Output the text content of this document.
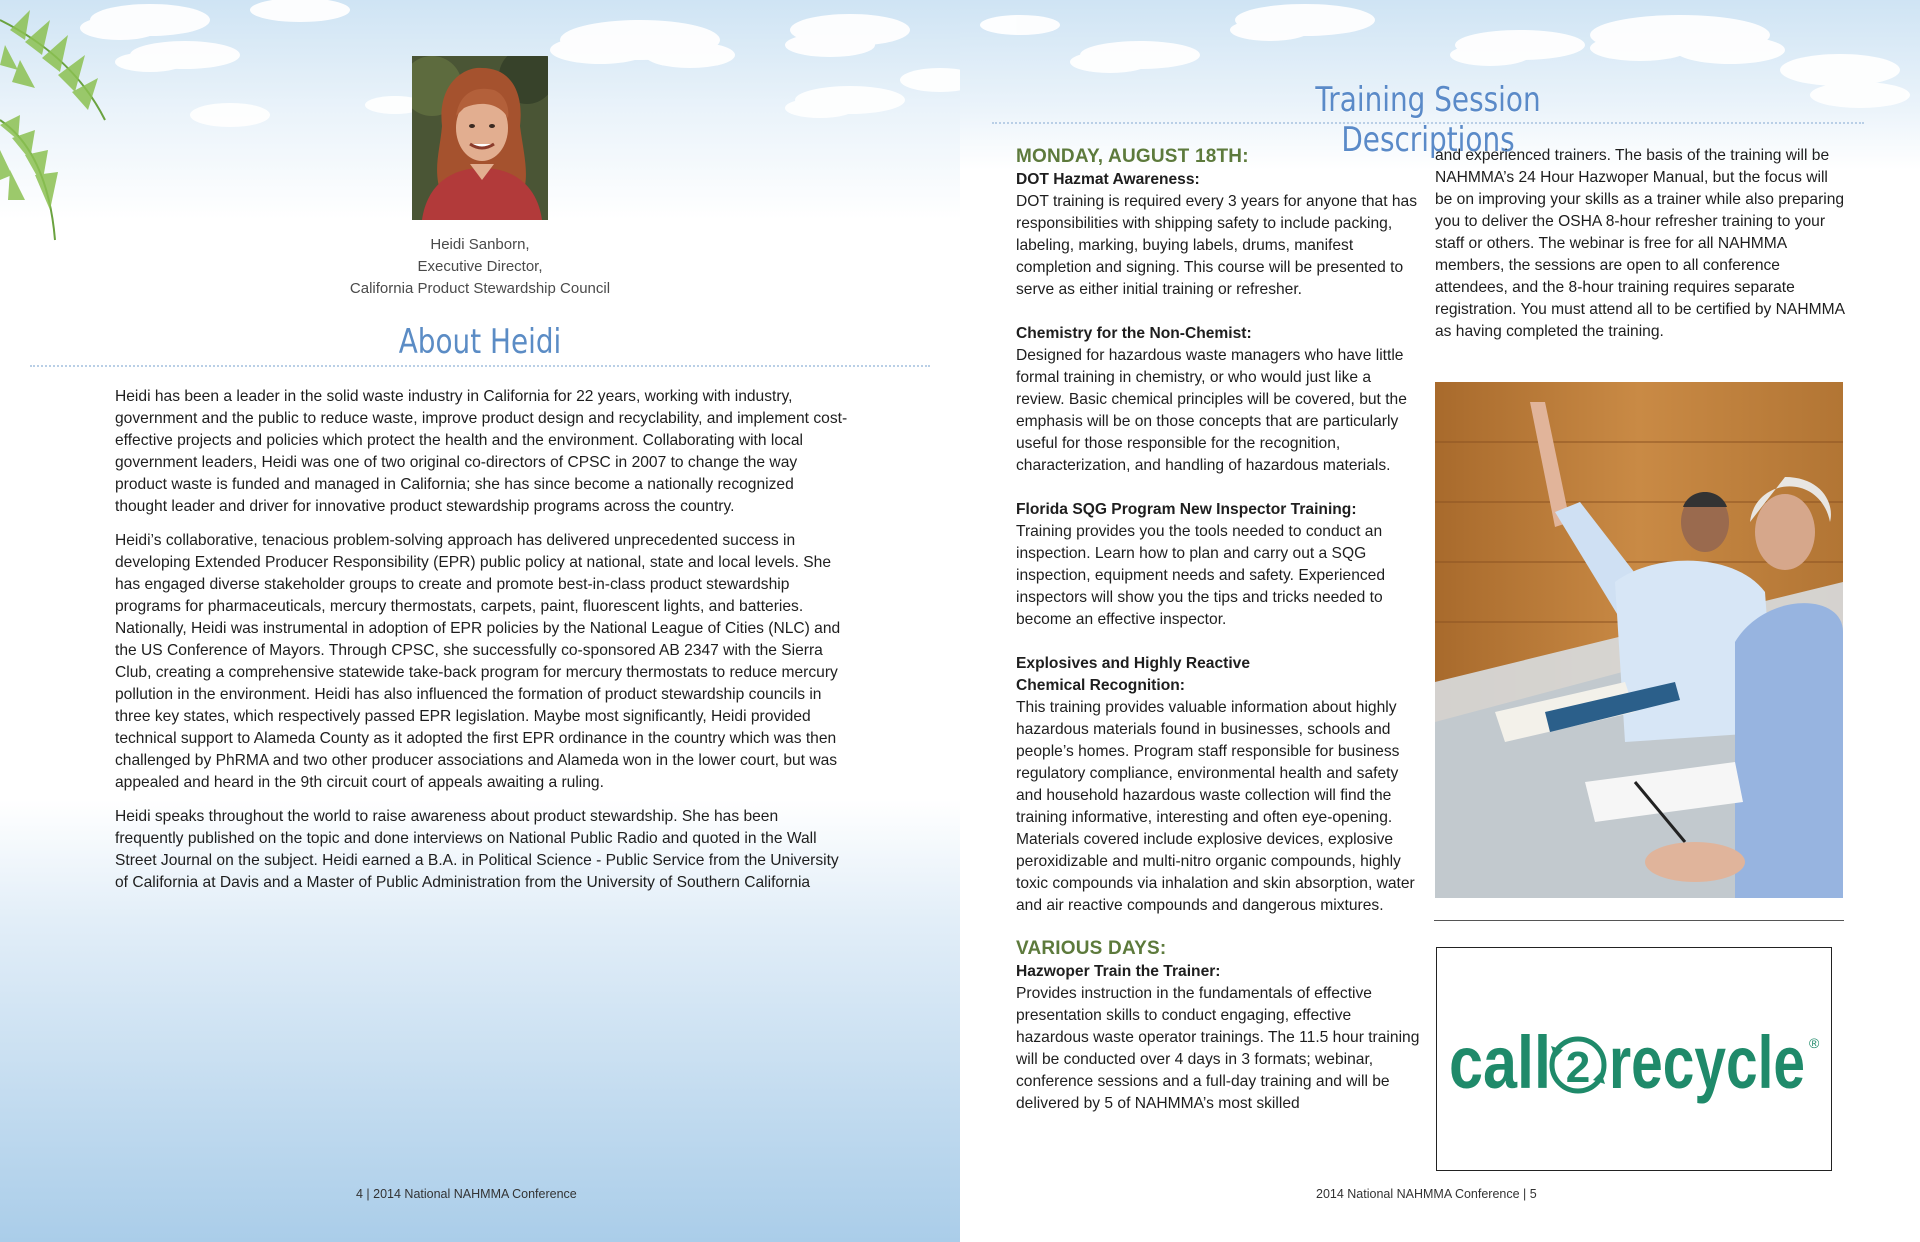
Heidi Sanborn,
Executive Director,
California Product Stewardship Council
About Heidi

Heidi has been a leader in the solid waste industry in California for 22 years, working with industry, government and the public to reduce waste, improve product design and recyclability, and implement cost-effective projects and policies which protect the health and the environment. Collaborating with local government leaders, Heidi was one of two original co-directors of CPSC in 2007 to change the way product waste is funded and managed in California; she has since become a nationally recognized thought leader and driver for innovative product stewardship programs across the country.

Heidi’s collaborative, tenacious problem-solving approach has delivered unprecedented success in developing Extended Producer Responsibility (EPR) public policy at national, state and local levels. She has engaged diverse stakeholder groups to create and promote best-in-class product stewardship programs for pharmaceuticals, mercury thermostats, carpets, paint, fluorescent lights, and batteries. Nationally, Heidi was instrumental in adoption of EPR policies by the National League of Cities (NLC) and the US Conference of Mayors. Through CPSC, she successfully co-sponsored AB 2347 with the Sierra Club, creating a comprehensive statewide take-back program for mercury thermostats to reduce mercury pollution in the environment. Heidi has also influenced the formation of product stewardship councils in three key states, which respectively passed EPR legislation. Maybe most significantly, Heidi provided technical support to Alameda County as it adopted the first EPR ordinance in the country which was then challenged by PhRMA and two other producer associations and Alameda won in the lower court, but was appealed and heard in the 9th circuit court of appeals awaiting a ruling.

Heidi speaks throughout the world to raise awareness about product stewardship. She has been frequently published on the topic and done interviews on National Public Radio and quoted in the Wall Street Journal on the subject. Heidi earned a B.A. in Political Science - Public Service from the University of California at Davis and a Master of Public Administration from the University of Southern California

4 | 2014 National NAHMMA Conference
Training Session Descriptions
MONDAY, AUGUST 18TH:
DOT Hazmat Awareness:

DOT training is required every 3 years for anyone that has responsibilities with shipping safety to include packing, labeling, marking, buying labels, drums, manifest completion and signing. This course will be presented to serve as either initial training or refresher.

Chemistry for the Non-Chemist:

Designed for hazardous waste managers who have little formal training in chemistry, or who would just like a review. Basic chemical principles will be covered, but the emphasis will be on those concepts that are particularly useful for those responsible for the recognition, characterization, and handling of hazardous materials.

Florida SQG Program New Inspector Training:

Training provides you the tools needed to conduct an inspection. Learn how to plan and carry out a SQG inspection, equipment needs and safety. Experienced inspectors will show you the tips and tricks needed to become an effective inspector.

Explosives and Highly Reactive Chemical Recognition:

This training provides valuable information about highly hazardous materials found in businesses, schools and people’s homes. Program staff responsible for business regulatory compliance, environmental health and safety and household hazardous waste collection will find the training informative, interesting and often eye-opening. Materials covered include explosive devices, explosive peroxidizable and multi-nitro organic compounds, highly toxic compounds via inhalation and skin absorption, water and air reactive compounds and dangerous mixtures.

VARIOUS DAYS:
Hazwoper Train the Trainer:

Provides instruction in the fundamentals of effective presentation skills to conduct engaging, effective hazardous waste operator trainings. The 11.5 hour training will be conducted over 4 days in 3 formats; webinar, conference sessions and a full-day training and will be delivered by 5 of NAHMMA’s most skilled

and experienced trainers. The basis of the training will be NAHMMA’s 24 Hour Hazwoper Manual, but the focus will be on improving your skills as a trainer while also preparing you to deliver the OSHA 8-hour refresher training to your staff or others. The webinar is free for all NAHMMA members, the sessions are open to all conference attendees, and the 8-hour training requires separate registration. You must attend all to be certified by NAHMMA as having completed the training.

call 2 recycle ®
2014 National NAHMMA Conference | 5
